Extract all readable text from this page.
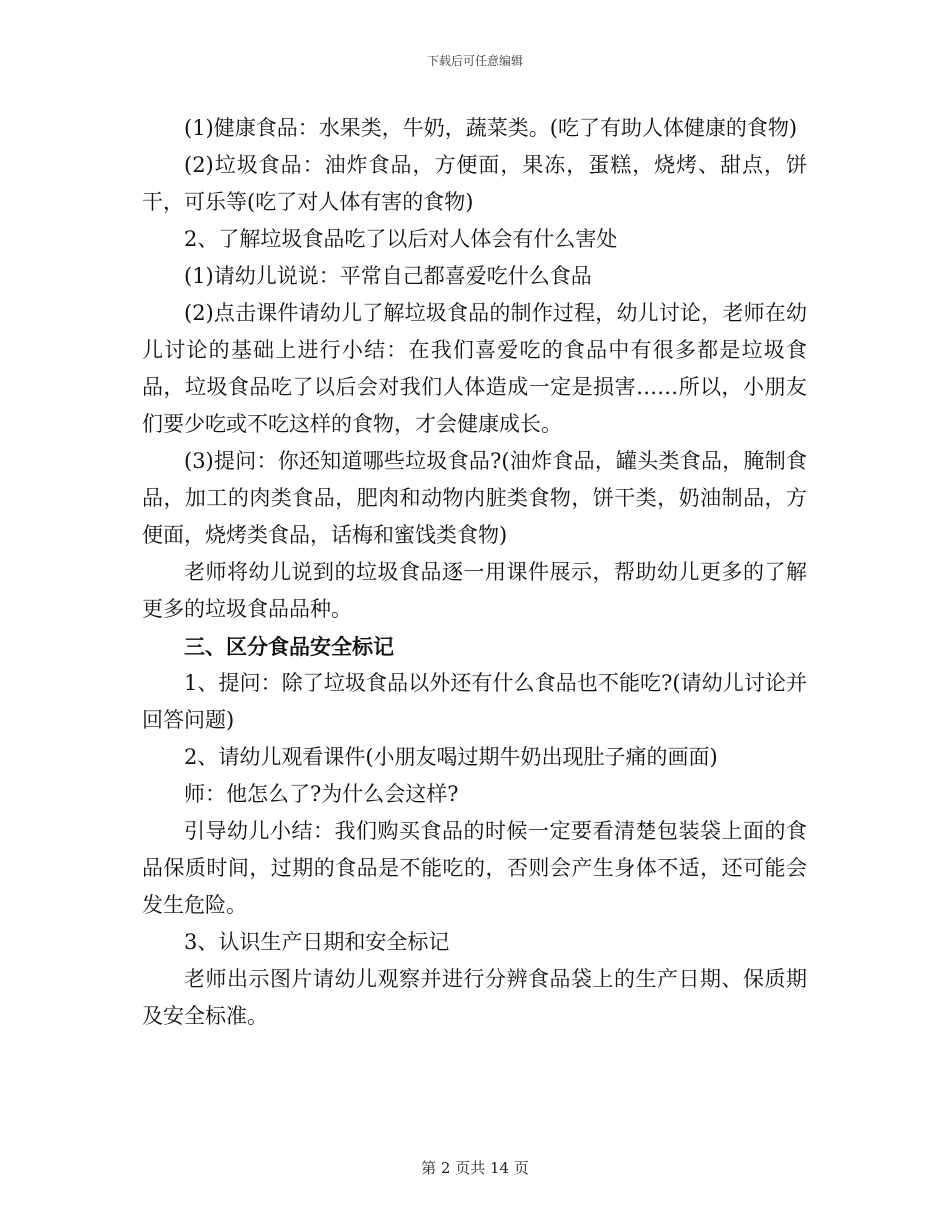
下载后可任意编辑

(1)健康食品：水果类，牛奶，蔬菜类。(吃了有助人体健康的食物)

(2)垃圾食品：油炸食品，方便面，果冻，蛋糕，烧烤、甜点，饼干，可乐等(吃了对人体有害的食物)

2、了解垃圾食品吃了以后对人体会有什么害处

(1)请幼儿说说：平常自己都喜爱吃什么食品

(2)点击课件请幼儿了解垃圾食品的制作过程，幼儿讨论，老师在幼儿讨论的基础上进行小结：在我们喜爱吃的食品中有很多都是垃圾食品，垃圾食品吃了以后会对我们人体造成一定是损害……所以，小朋友们要少吃或不吃这样的食物，才会健康成长。

(3)提问：你还知道哪些垃圾食品?(油炸食品，罐头类食品，腌制食品，加工的肉类食品，肥肉和动物内脏类食物，饼干类，奶油制品，方便面，烧烤类食品，话梅和蜜饯类食物)

老师将幼儿说到的垃圾食品逐一用课件展示，帮助幼儿更多的了解更多的垃圾食品品种。

三、区分食品安全标记

1、提问：除了垃圾食品以外还有什么食品也不能吃?(请幼儿讨论并回答问题)

2、请幼儿观看课件(小朋友喝过期牛奶出现肚子痛的画面)

师：他怎么了?为什么会这样?

引导幼儿小结：我们购买食品的时候一定要看清楚包装袋上面的食品保质时间，过期的食品是不能吃的，否则会产生身体不适，还可能会发生危险。

3、认识生产日期和安全标记

老师出示图片请幼儿观察并进行分辨食品袋上的生产日期、保质期及安全标准。

第 2 页共 14 页
